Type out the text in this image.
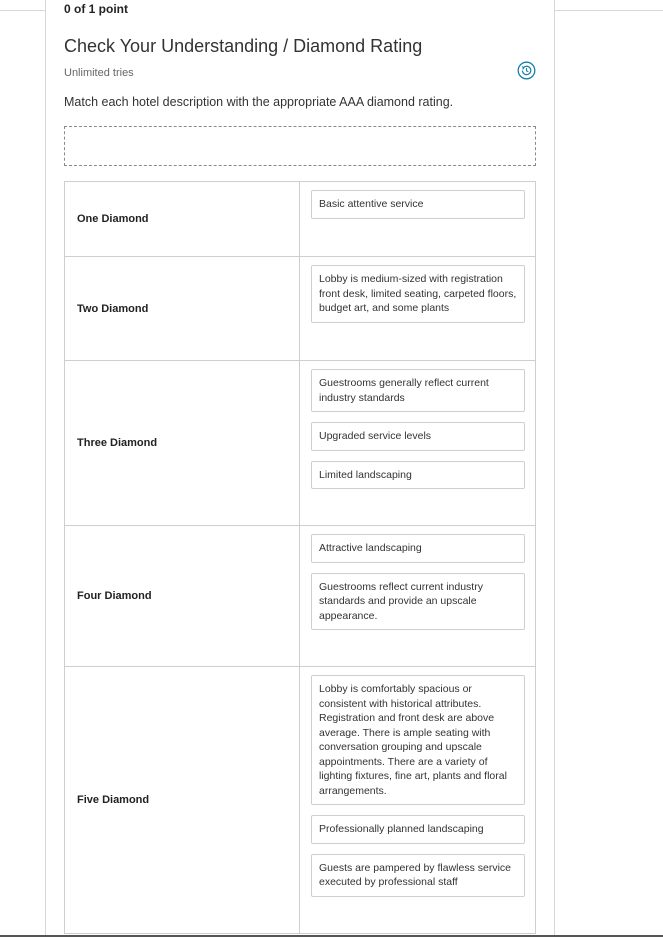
0 of 1 point
Check Your Understanding / Diamond Rating
Unlimited tries

Match each hotel description with the appropriate AAA diamond rating.

One Diamond
Basic attentive service
Two Diamond
Lobby is medium-sized with registration front desk, limited seating, carpeted floors, budget art, and some plants
Three Diamond
Guestrooms generally reflect current industry standards
Upgraded service levels
Limited landscaping
Four Diamond
Attractive landscaping
Guestrooms reflect current industry standards and provide an upscale appearance.
Five Diamond
Lobby is comfortably spacious or consistent with historical attributes. Registration and front desk are above average. There is ample seating with conversation grouping and upscale appointments. There are a variety of lighting fixtures, fine art, plants and floral arrangements.
Professionally planned landscaping
Guests are pampered by flawless service executed by professional staff
